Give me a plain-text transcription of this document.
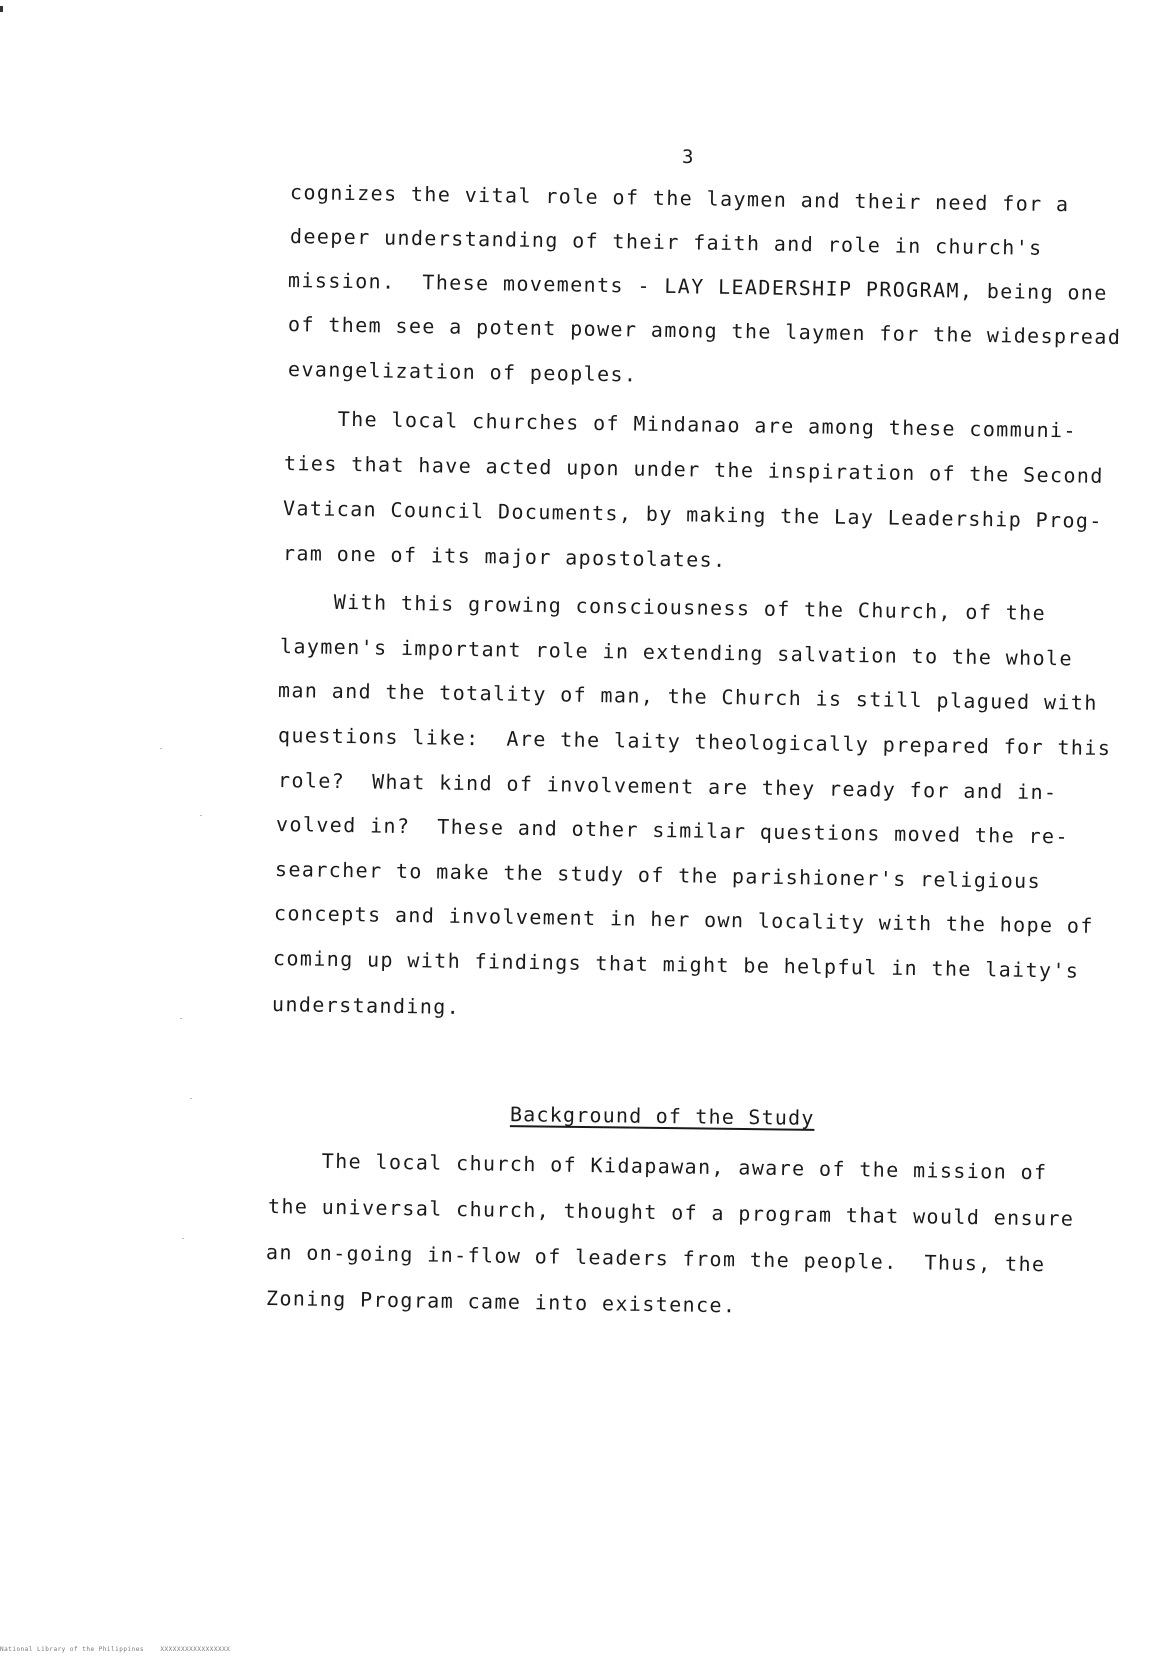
3
cognizes the vital role of the laymen and their need for a
deeper understanding of their faith and role in church's
mission.  These movements - LAY LEADERSHIP PROGRAM, being one
of them see a potent power among the laymen for the widespread
evangelization of peoples.
The local churches of Mindanao are among these communi-
ties that have acted upon under the inspiration of the Second
Vatican Council Documents, by making the Lay Leadership Prog-
ram one of its major apostolates.
With this growing consciousness of the Church, of the
laymen's important role in extending salvation to the whole
man and the totality of man, the Church is still plagued with
questions like:  Are the laity theologically prepared for this
role?  What kind of involvement are they ready for and in-
volved in?  These and other similar questions moved the re-
searcher to make the study of the parishioner's religious
concepts and involvement in her own locality with the hope of
coming up with findings that might be helpful in the laity's
understanding.
Background of the Study
The local church of Kidapawan, aware of the mission of
the universal church, thought of a program that would ensure
an on-going in-flow of leaders from the people.  Thus, the
Zoning Program came into existence.
National Library of the Philippines    XXXXXXXXXXXXXXXXX
